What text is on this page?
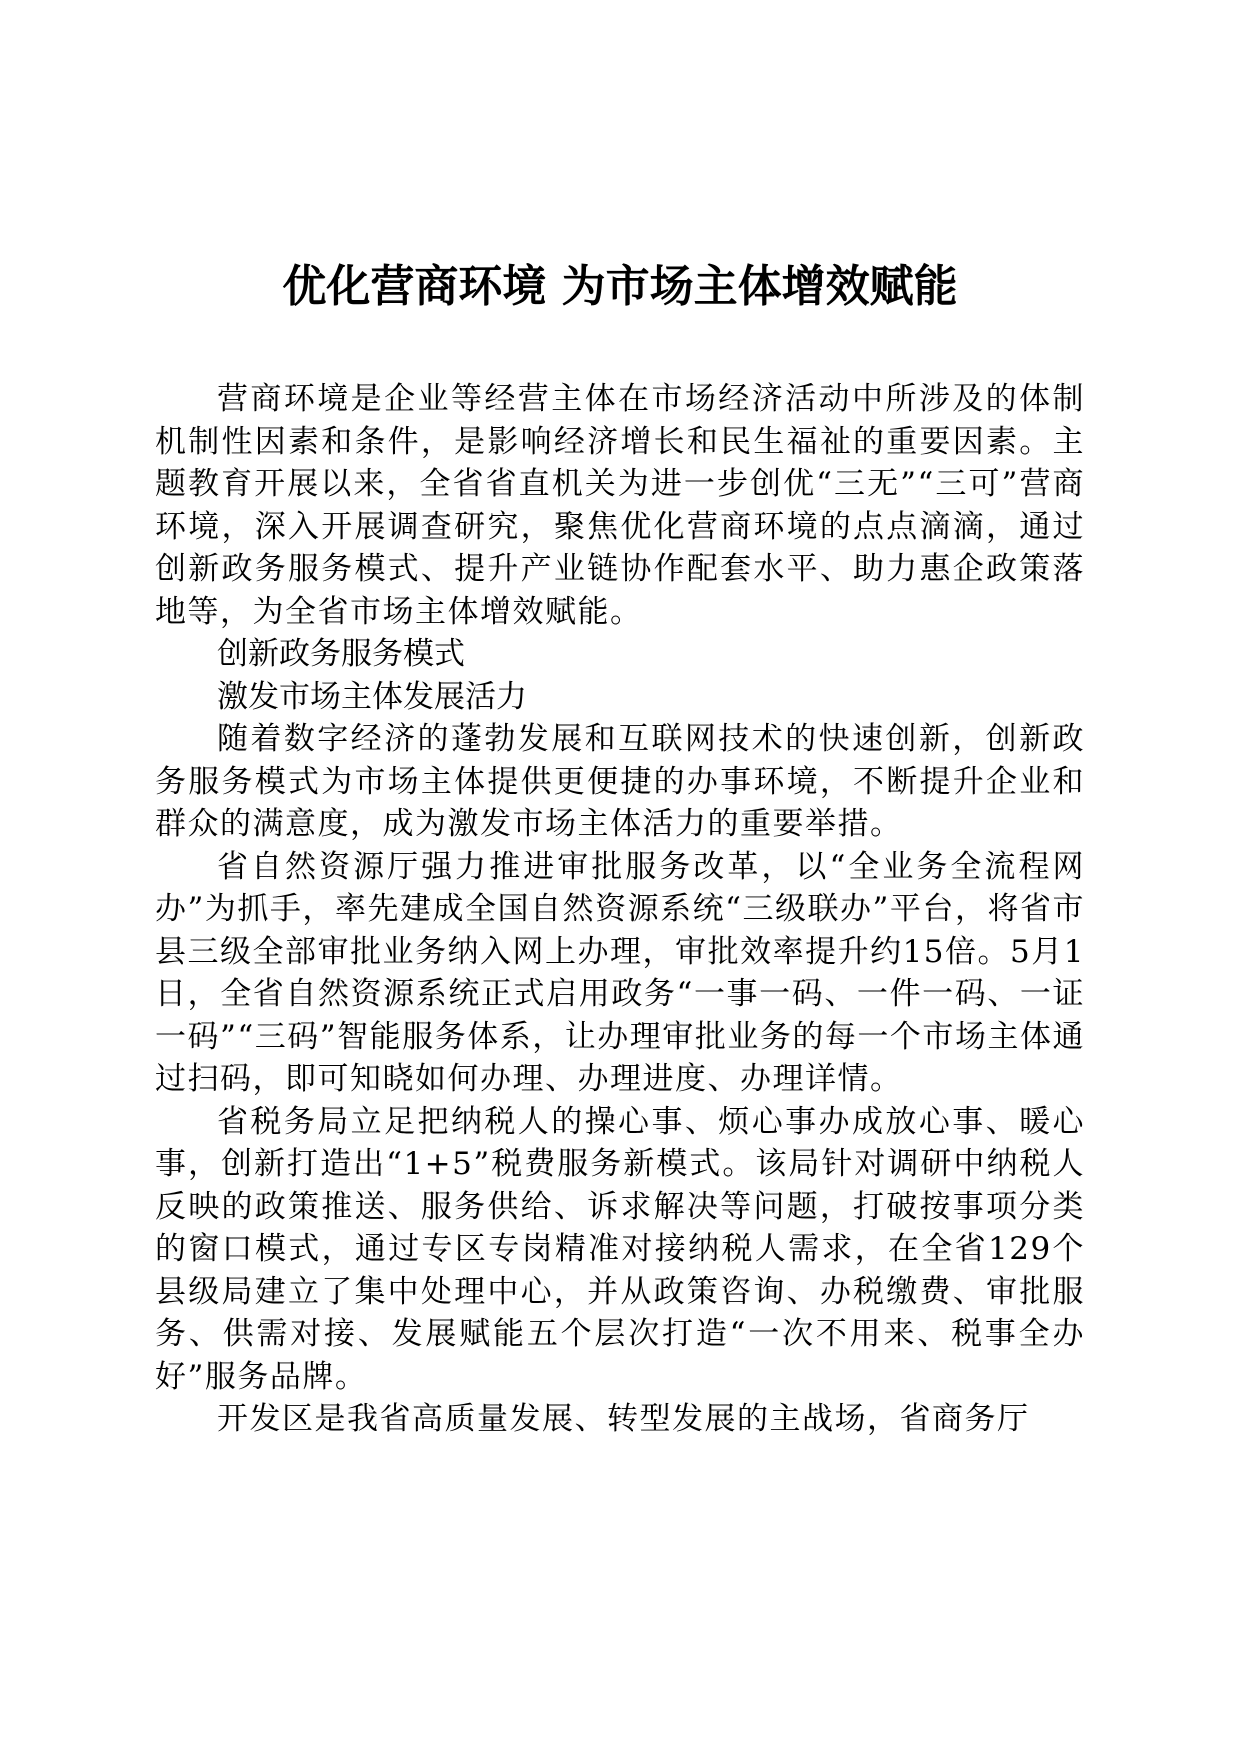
优化营商环境 为市场主体增效赋能

营商环境是企业等经营主体在市场经济活动中所涉及的体制机制性因素和条件，是影响经济增长和民生福祉的重要因素。主题教育开展以来，全省省直机关为进一步创优“三无”“三可”营商环境，深入开展调查研究，聚焦优化营商环境的点点滴滴，通过创新政务服务模式、提升产业链协作配套水平、助力惠企政策落地等，为全省市场主体增效赋能。

创新政务服务模式

激发市场主体发展活力

随着数字经济的蓬勃发展和互联网技术的快速创新，创新政务服务模式为市场主体提供更便捷的办事环境，不断提升企业和群众的满意度，成为激发市场主体活力的重要举措。

省自然资源厅强力推进审批服务改革，以“全业务全流程网办”为抓手，率先建成全国自然资源系统“三级联办”平台，将省市县三级全部审批业务纳入网上办理，审批效率提升约15倍。5月1日，全省自然资源系统正式启用政务“一事一码、一件一码、一证一码”“三码”智能服务体系，让办理审批业务的每一个市场主体通过扫码，即可知晓如何办理、办理进度、办理详情。

省税务局立足把纳税人的操心事、烦心事办成放心事、暖心事，创新打造出“1+5”税费服务新模式。该局针对调研中纳税人反映的政策推送、服务供给、诉求解决等问题，打破按事项分类的窗口模式，通过专区专岗精准对接纳税人需求，在全省129个县级局建立了集中处理中心，并从政策咨询、办税缴费、审批服务、供需对接、发展赋能五个层次打造“一次不用来、税事全办好”服务品牌。

开发区是我省高质量发展、转型发展的主战场，省商务厅
